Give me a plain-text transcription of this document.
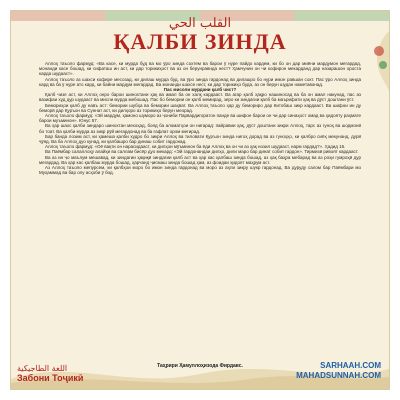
القلب الحي
ҚАЛБИ ЗИНДА

Аллоҳ таъоло фармуд: «Ва касе, ки мурда буд ва мо ӯро зинда сохтем ва барои ӯ нуре пайдо кардем, ки бо он дар миёни мардумон мегардад, монанди касе бошад, ки сифаташ ин аст, ки дар торикиҳост ва аз он берунравнда нест? Ҳамчунин он чи кофирон мекарданд дар назарашон ороста карда шудааст».

Аллоҳ таъоло аз шахси кофире месозад, ки дилаш мурда буд, ва ӯро зинда гардонад ва дилашро бо нури имон равшан сохт. Пас ӯро Аллоҳ зинда кард ва ба ӯ нуре ато кард, ки байни мардум мегардад. Ва монанди шахсе нест, ки дар торикиҳо буда, аз он берун шудан наметавонад.

Пас мисоли мурдани қалб чист?

Қалб чизе аст, ки Аллоҳ онро барои шинохтани ҳақ ва амал ба он халқ кардааст. Ва агар қалб ҳақро нашиносад ва ба он амал накунад, пас аз вазифаи худ дур шудааст ва мисли мурда мебошад. Пас бо бемории он қалб мемирад, зеро ки зиндагии қалб ба маърифати ҳақ ва дӯст доштани ӯст.

Бемориҳои қалб ду навъ аст: бемории шубҳа ва бемории шаҳват. Ва Аллоҳ таъоло ҳар ду бемориро дар Китобаш зикр кардааст. Ва шифои ин ду беморӣ дар Қуръон ва Суннат аст, ки дилҳоро аз торикиҳо берун меорад.

Аллоҳ таъоло фармуд: «Эй мардум, ҳамоно шуморо аз ҷониби Парвардигоратон панде ва шифое барои он чи дар синаҳост омад ва ҳидояту раҳмате барои муъминон». Юнус 57.

Ва ҳар шахс қалби зиндаро шинохтан мехоҳад, бояд ба аломатҳои он нигарад: пайравии ҳақ, дӯст доштани зикри Аллоҳ, тарс аз гуноҳ ва шодмонӣ бо тоат. Ва қалби мурда аз зикр рӯй мегардонад ва ба ғафлат ором мегирад.

Бар банда лозим аст, ки ҳамеша қалби худро бо зикри Аллоҳ ва тиловати Қуръон зинда нигоҳ дорад ва аз гуноҳҳо, ки қалбро сиёҳ мекунанд, дурӣ ҷӯяд. Ва ба Аллоҳ дуо кунад, ки қалбашро бар динаш собит гардонад.

Аллоҳ таъоло фармуд: «Оё вақти он нарасидааст, ки дилҳои мӯъминон ба ёди Аллоҳ ва он чи аз ҳақ нозил шудааст, нарм гардад?». Ҳадид 16.

Ва Паёмбар салаллоҳу алайҳи ва саллам бисёр дуо мекард: «Эй гардонандаи дилҳо, дили маро бар динат собит гардон». Тирмизӣ ривоят кардааст.

Ва аз ин ҷо маълум мешавад, ки зиндагии ҳақиқӣ зиндагии қалб аст ва ҳар кас қалбаш зинда бошад, аз ҳақ баҳра мебарад ва аз роҳи гумроҳӣ дур мегардад. Ва ҳар кас қалбаш мурда бошад, ҳарчанд ҷисмаш зинда бошад ҳам, аз фоидаи ҳидоят маҳрум аст.

Аз Аллоҳ таъоло мепурсем, ки қалбҳои моро бо имон зинда гардонад ва моро аз аҳли зикру шукр гардонад. Ва дуруду салом бар Паёмбари мо Муҳаммад ва бар олу асҳоби ӯ бод.

Таҳрири Ҳамуллоҳизода Фирдавс.
اللغة الطاجيكية
Забони Тоҷикӣ
SARHAAH.COM
MAHADSUNNAH.COM
